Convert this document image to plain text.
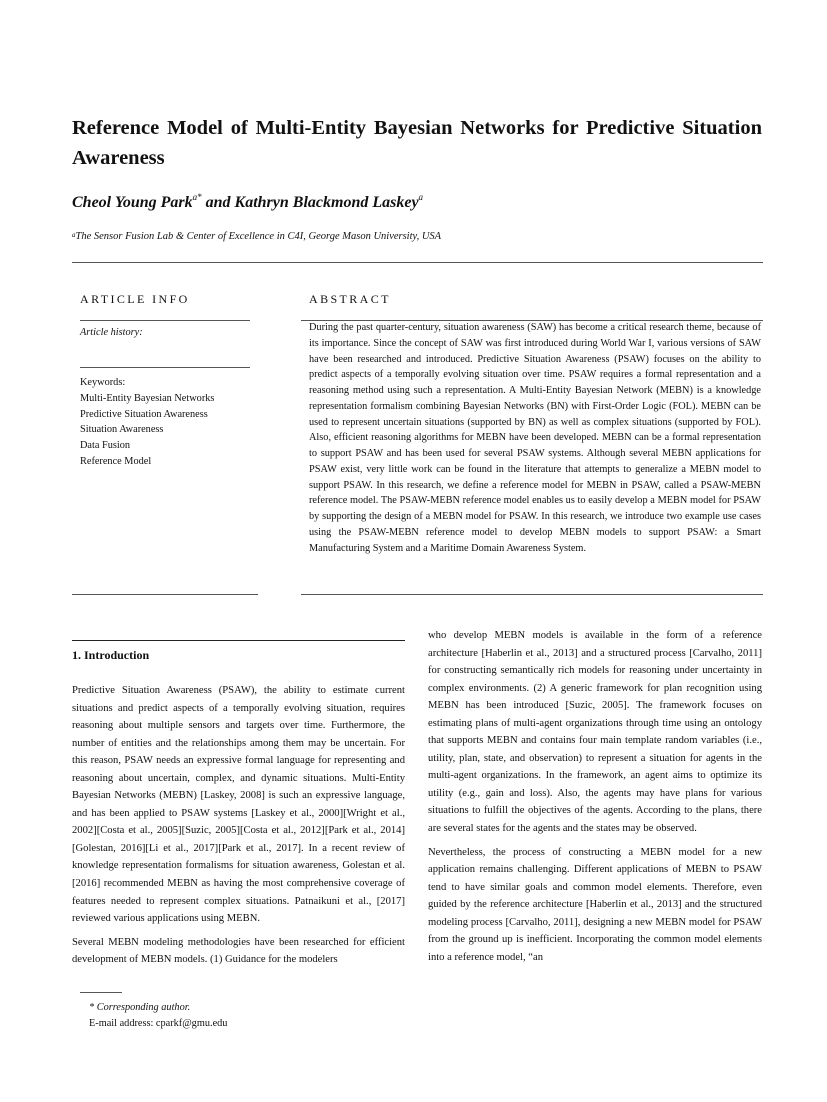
Reference Model of Multi-Entity Bayesian Networks for Predictive Situation Awareness
Cheol Young Park$^{a*}$ and Kathryn Blackmond Laskey$^a$
$^a$The Sensor Fusion Lab & Center of Excellence in C4I, George Mason University, USA
ARTICLE INFO	ABSTRACT
Article history:
Keywords:
Multi-Entity Bayesian Networks
Predictive Situation Awareness
Situation Awareness
Data Fusion
Reference Model
During the past quarter-century, situation awareness (SAW) has become a critical research theme, because of its importance. Since the concept of SAW was first introduced during World War I, various versions of SAW have been researched and introduced. Predictive Situation Awareness (PSAW) focuses on the ability to predict aspects of a temporally evolving situation over time. PSAW requires a formal representation and a reasoning method using such a representation. A Multi-Entity Bayesian Network (MEBN) is a knowledge representation formalism combining Bayesian Networks (BN) with First-Order Logic (FOL). MEBN can be used to represent uncertain situations (supported by BN) as well as complex situations (supported by FOL). Also, efficient reasoning algorithms for MEBN have been developed. MEBN can be a formal representation to support PSAW and has been used for several PSAW systems. Although several MEBN applications for PSAW exist, very little work can be found in the literature that attempts to generalize a MEBN model to support PSAW. In this research, we define a reference model for MEBN in PSAW, called a PSAW-MEBN reference model. The PSAW-MEBN reference model enables us to easily develop a MEBN model for PSAW by supporting the design of a MEBN model for PSAW. In this research, we introduce two example use cases using the PSAW-MEBN reference model to develop MEBN models to support PSAW: a Smart Manufacturing System and a Maritime Domain Awareness System.
1. Introduction

Predictive Situation Awareness (PSAW), the ability to estimate current situations and predict aspects of a temporally evolving situation, requires reasoning about multiple sensors and targets over time. Furthermore, the number of entities and the relationships among them may be uncertain. For this reason, PSAW needs an expressive formal language for representing and reasoning about uncertain, complex, and dynamic situations. Multi-Entity Bayesian Networks (MEBN) [Laskey, 2008] is such an expressive language, and has been applied to PSAW systems [Laskey et al., 2000][Wright et al., 2002][Costa et al., 2005][Suzic, 2005][Costa et al., 2012][Park et al., 2014][Golestan, 2016][Li et al., 2017][Park et al., 2017]. In a recent review of knowledge representation formalisms for situation awareness, Golestan et al. [2016] recommended MEBN as having the most comprehensive coverage of features needed to represent complex situations. Patnaikuni et al., [2017] reviewed various applications using MEBN.

Several MEBN modeling methodologies have been researched for efficient development of MEBN models. (1) Guidance for the modelers

who develop MEBN models is available in the form of a reference architecture [Haberlin et al., 2013] and a structured process [Carvalho, 2011] for constructing semantically rich models for reasoning under uncertainty in complex environments. (2) A generic framework for plan recognition using MEBN has been introduced [Suzic, 2005]. The framework focuses on estimating plans of multi-agent organizations through time using an ontology that supports MEBN and contains four main template random variables (i.e., utility, plan, state, and observation) to represent a situation for agents in the multi-agent organizations. In the framework, an agent aims to optimize its utility (e.g., gain and loss). Also, the agents may have plans for various situations to fulfill the objectives of the agents. According to the plans, there are several states for the agents and the states may be observed.

Nevertheless, the process of constructing a MEBN model for a new application remains challenging. Different applications of MEBN to PSAW tend to have similar goals and common model elements. Therefore, even guided by the reference architecture [Haberlin et al., 2013] and the structured modeling process [Carvalho, 2011], designing a new MEBN model for PSAW from the ground up is inefficient. Incorporating the common model elements into a reference model, “an

* Corresponding author.
E-mail address: cparkf@gmu.edu
